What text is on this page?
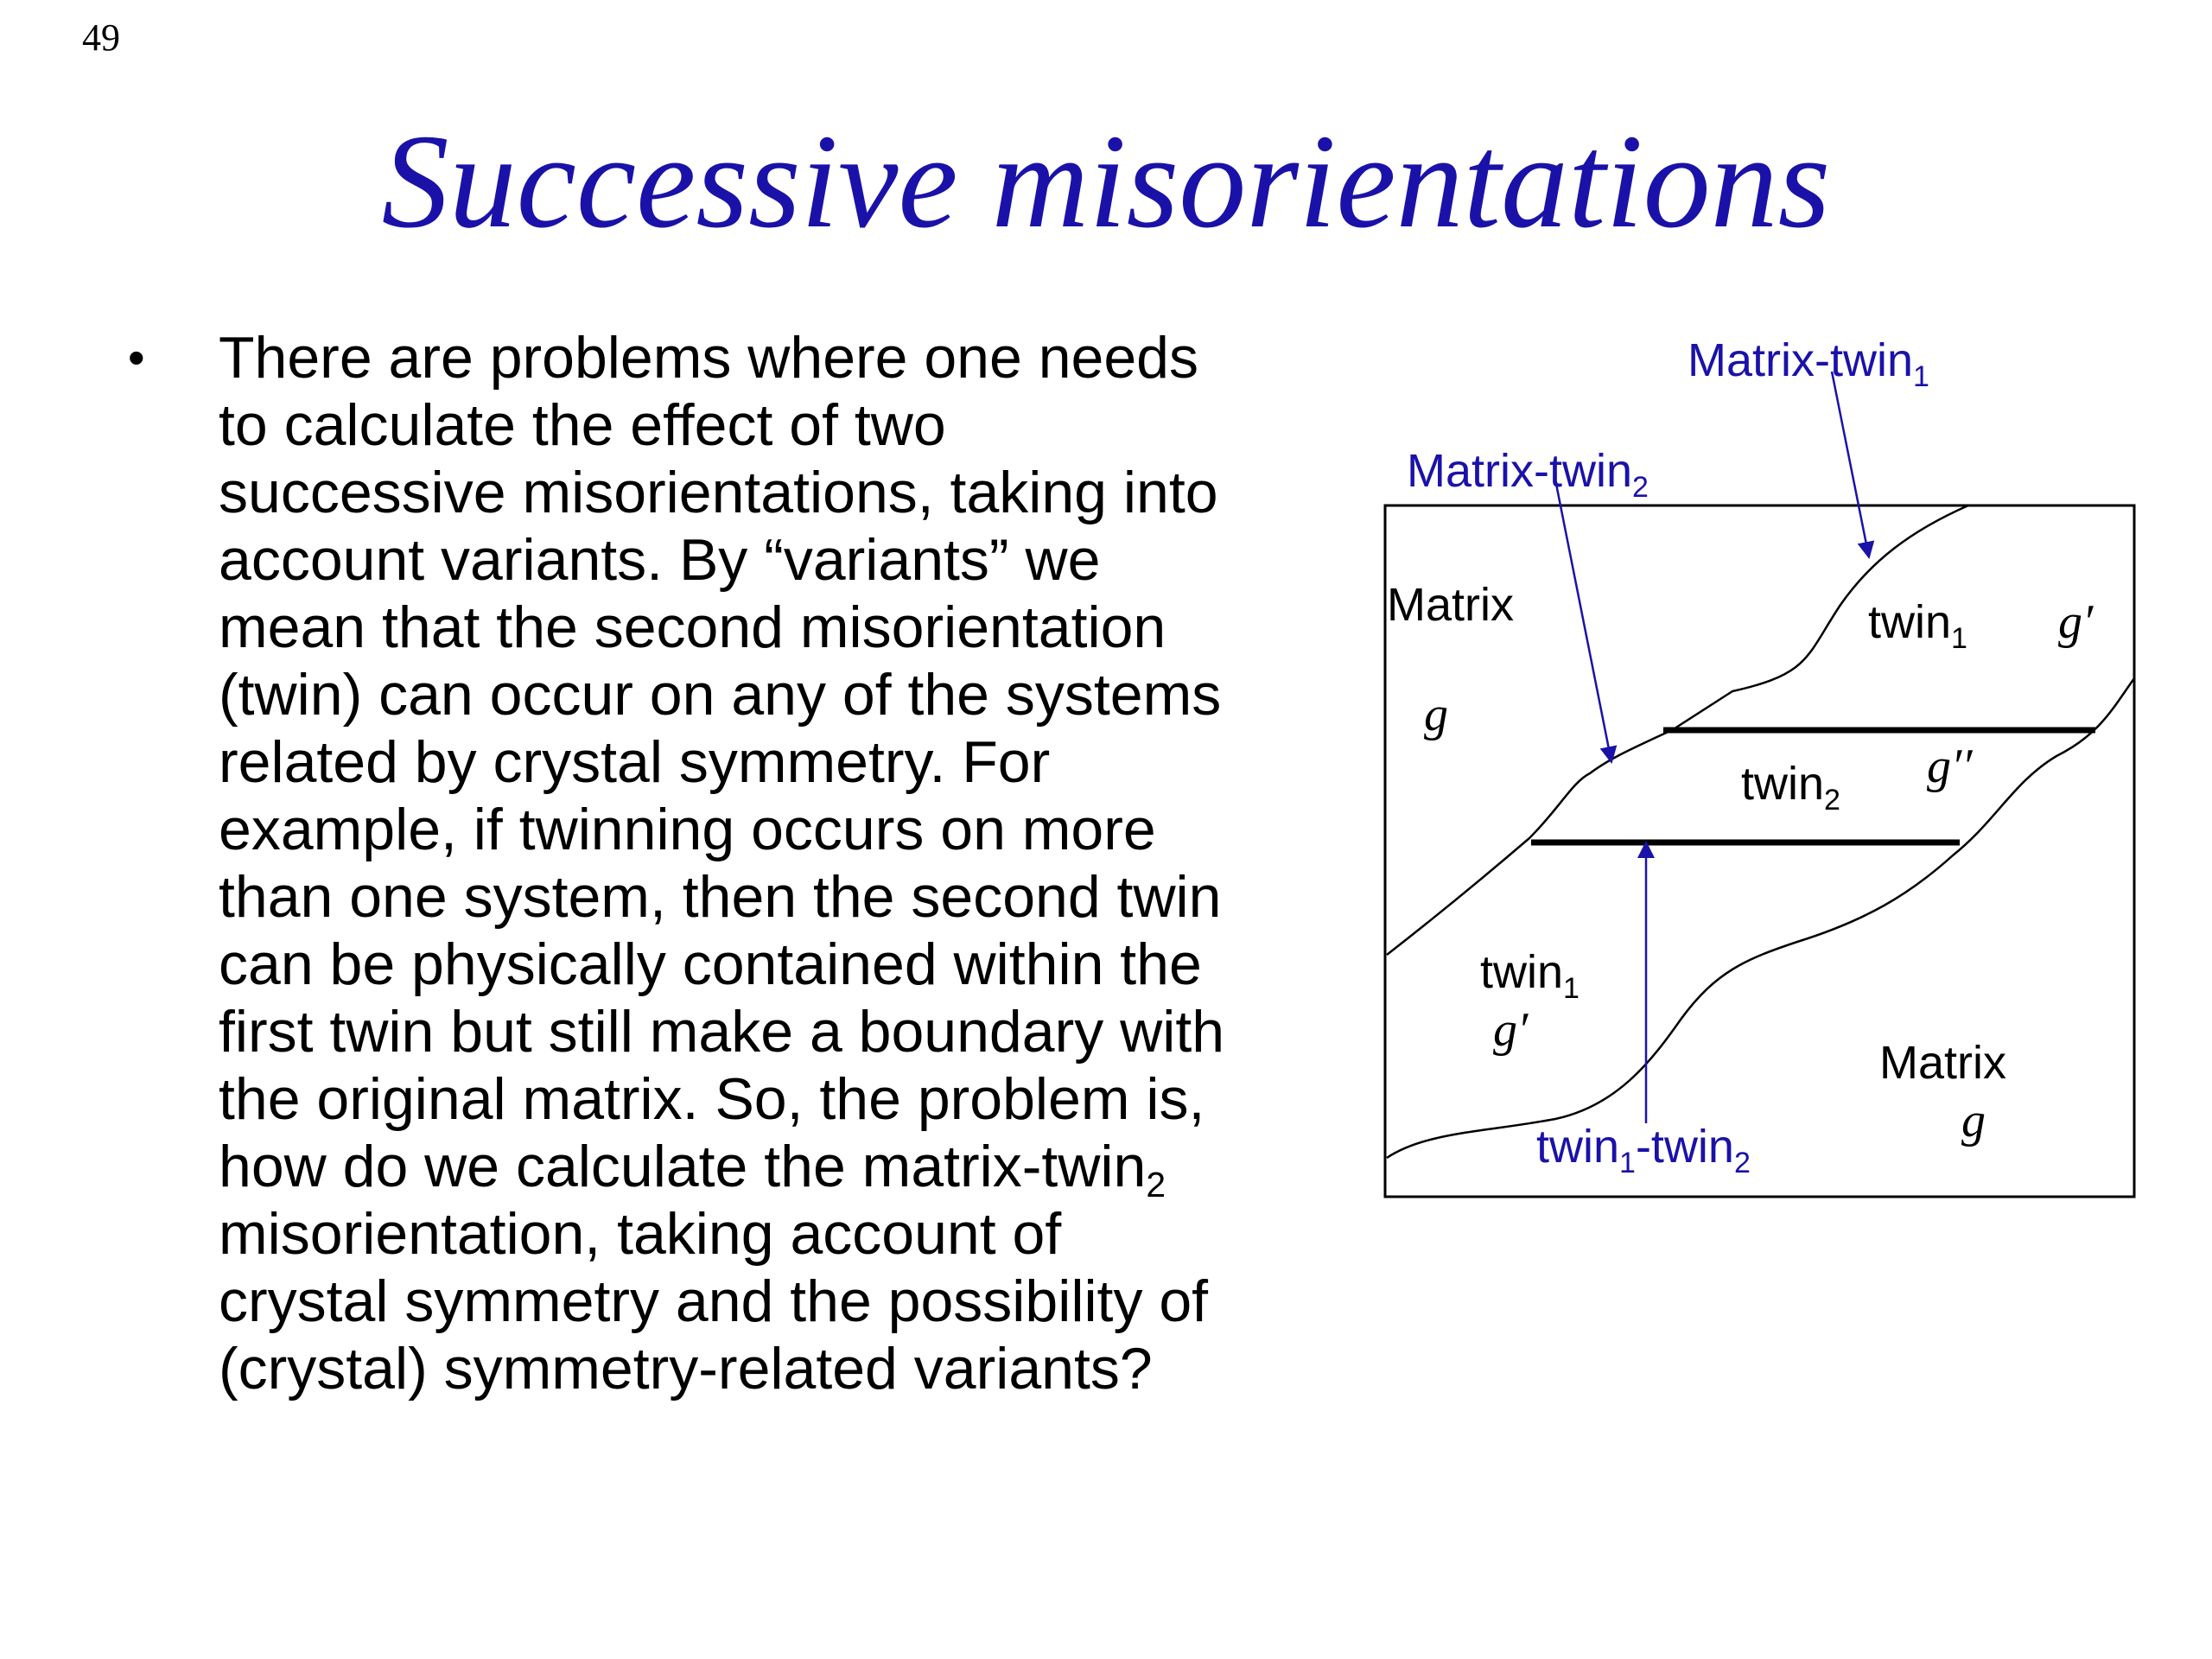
49
Successive misorientations
• There are problems where one needs
to calculate the effect of two
successive misorientations, taking into
account variants. By “variants” we
mean that the second misorientation
(twin) can occur on any of the systems
related by crystal symmetry. For
example, if twinning occurs on more
than one system, then the second twin
can be physically contained within the
first twin but still make a boundary with
the original matrix. So, the problem is,
how do we calculate the matrix-twin$_2$
misorientation, taking account of
crystal symmetry and the possibility of
(crystal) symmetry-related variants?
Matrix-twin$_1$
Matrix-twin$_2$
twin$_1$-twin$_2$
Matrix
g
twin$_1$ g′
twin$_2$
g′′
twin$_1$
g′
Matrix
g
